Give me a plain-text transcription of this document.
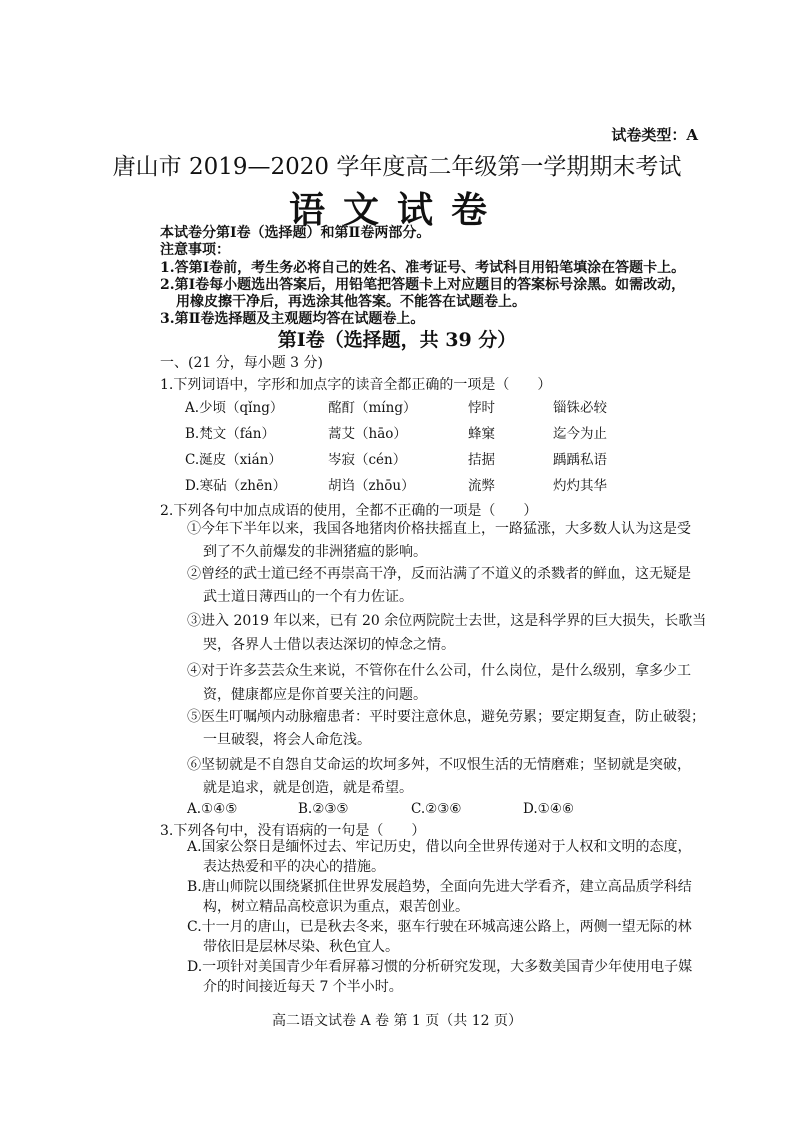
试卷类型：A
唐山市 2019—2020 学年度高二年级第一学期期末考试
语文试卷
本试卷分第Ⅰ卷（选择题）和第Ⅱ卷两部分。
注意事项：
1.答第Ⅰ卷前，考生务必将自己的姓名、准考证号、考试科目用铅笔填涂在答题卡上。
2.第Ⅰ卷每小题选出答案后，用铅笔把答题卡上对应题目的答案标号涂黑。如需改动，
用橡皮擦干净后，再选涂其他答案。不能答在试题卷上。
3.第Ⅱ卷选择题及主观题均答在试题卷上。
第Ⅰ卷（选择题，共 39 分）
一、(21 分，每小题 3 分)
1.下列词语中，字形和加点字的读音全都正确的一项是（　　）
A.少顷（qǐng）	酩酊（míng）	悖时	锱铢必较
B.梵文（fán）	蒿艾（hāo）	蜂窠	迄今为止
C.涎皮（xián）	岑寂（cén）	拮据	踽踽私语
D.寒砧（zhēn）	胡诌（zhōu）	流弊	灼灼其华
2.下列各句中加点成语的使用，全都不正确的一项是（　　）
①今年下半年以来，我国各地猪肉价格扶摇直上，一路猛涨，大多数人认为这是受
到了不久前爆发的非洲猪瘟的影响。
②曾经的武士道已经不再崇高干净，反而沾满了不道义的杀戮者的鲜血，这无疑是
武士道日薄西山的一个有力佐证。
③进入 2019 年以来，已有 20 余位两院院士去世，这是科学界的巨大损失，长歌当
哭，各界人士借以表达深切的悼念之情。
④对于许多芸芸众生来说，不管你在什么公司，什么岗位，是什么级别，拿多少工
资，健康都应是你首要关注的问题。
⑤医生叮嘱颅内动脉瘤患者：平时要注意休息，避免劳累；要定期复查，防止破裂；
一旦破裂，将会人命危浅。
⑥坚韧就是不自怨自艾命运的坎坷多舛，不叹恨生活的无情磨难；坚韧就是突破，
就是追求，就是创造，就是希望。
A.①④⑤	B.②③⑤	C.②③⑥	D.①④⑥
3.下列各句中，没有语病的一句是（　　）
A.国家公祭日是缅怀过去、牢记历史，借以向全世界传递对于人权和文明的态度，
表达热爱和平的决心的措施。
B.唐山师院以围绕紧抓住世界发展趋势，全面向先进大学看齐，建立高品质学科结
构，树立精品高校意识为重点，艰苦创业。
C.十一月的唐山，已是秋去冬来，驱车行驶在环城高速公路上，两侧一望无际的林
带依旧是层林尽染、秋色宜人。
D.一项针对美国青少年看屏幕习惯的分析研究发现，大多数美国青少年使用电子媒
介的时间接近每天 7 个半小时。
高二语文试卷 A 卷 第 1 页（共 12 页）
